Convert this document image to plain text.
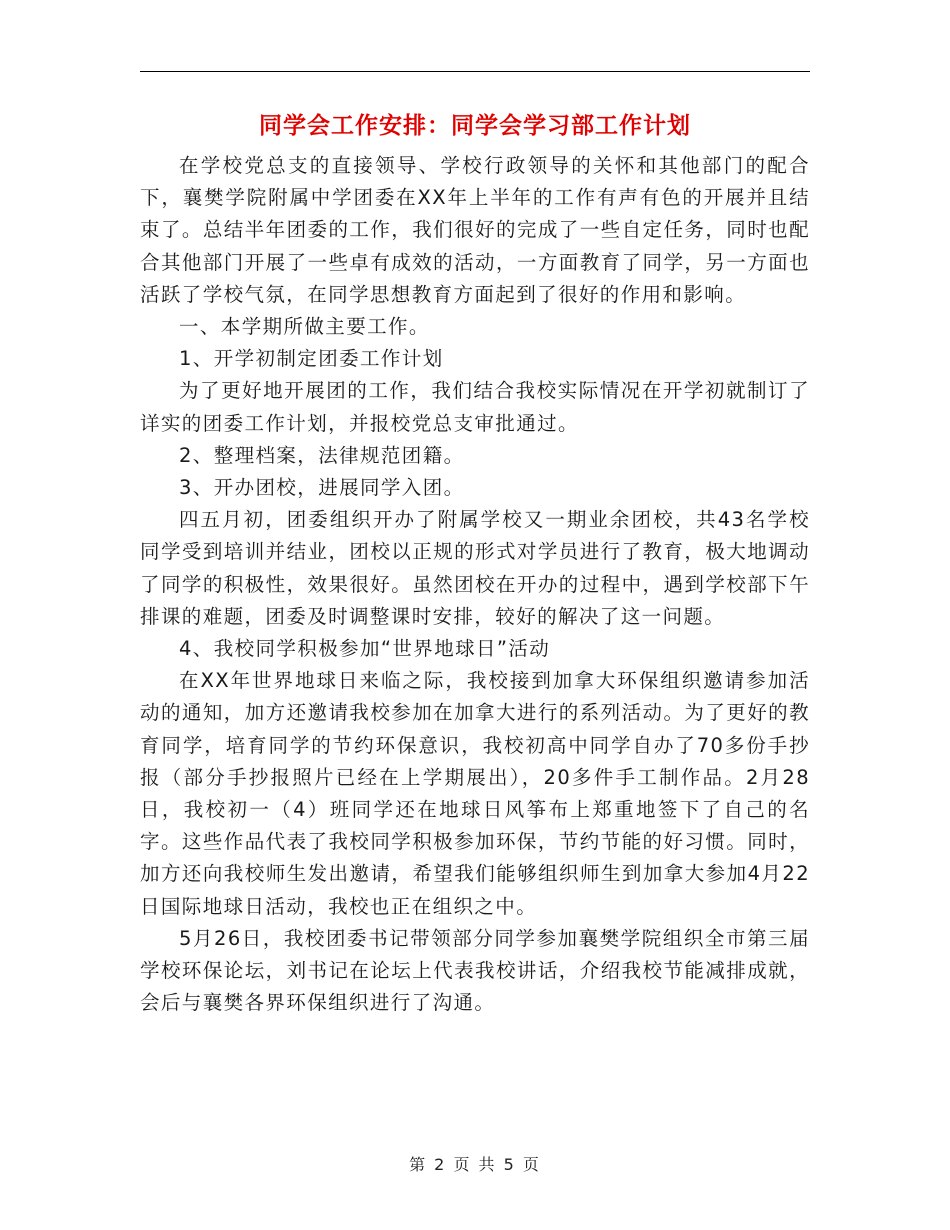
同学会工作安排：同学会学习部工作计划

在学校党总支的直接领导、学校行政领导的关怀和其他部门的配合下，襄樊学院附属中学团委在XX年上半年的工作有声有色的开展并且结束了。总结半年团委的工作，我们很好的完成了一些自定任务，同时也配合其他部门开展了一些卓有成效的活动，一方面教育了同学，另一方面也活跃了学校气氛，在同学思想教育方面起到了很好的作用和影响。

一、本学期所做主要工作。

1、开学初制定团委工作计划

为了更好地开展团的工作，我们结合我校实际情况在开学初就制订了详实的团委工作计划，并报校党总支审批通过。

2、整理档案，法律规范团籍。

3、开办团校，进展同学入团。

四五月初，团委组织开办了附属学校又一期业余团校，共43名学校同学受到培训并结业，团校以正规的形式对学员进行了教育，极大地调动了同学的积极性，效果很好。虽然团校在开办的过程中，遇到学校部下午排课的难题，团委及时调整课时安排，较好的解决了这一问题。

4、我校同学积极参加“世界地球日”活动

在XX年世界地球日来临之际，我校接到加拿大环保组织邀请参加活动的通知，加方还邀请我校参加在加拿大进行的系列活动。为了更好的教育同学，培育同学的节约环保意识，我校初高中同学自办了70多份手抄报（部分手抄报照片已经在上学期展出），20多件手工制作品。2月28日，我校初一（4）班同学还在地球日风筝布上郑重地签下了自己的名字。这些作品代表了我校同学积极参加环保，节约节能的好习惯。同时，加方还向我校师生发出邀请，希望我们能够组织师生到加拿大参加4月22日国际地球日活动，我校也正在组织之中。

5月26日，我校团委书记带领部分同学参加襄樊学院组织全市第三届学校环保论坛，刘书记在论坛上代表我校讲话，介绍我校节能减排成就，会后与襄樊各界环保组织进行了沟通。

第 2 页 共 5 页
